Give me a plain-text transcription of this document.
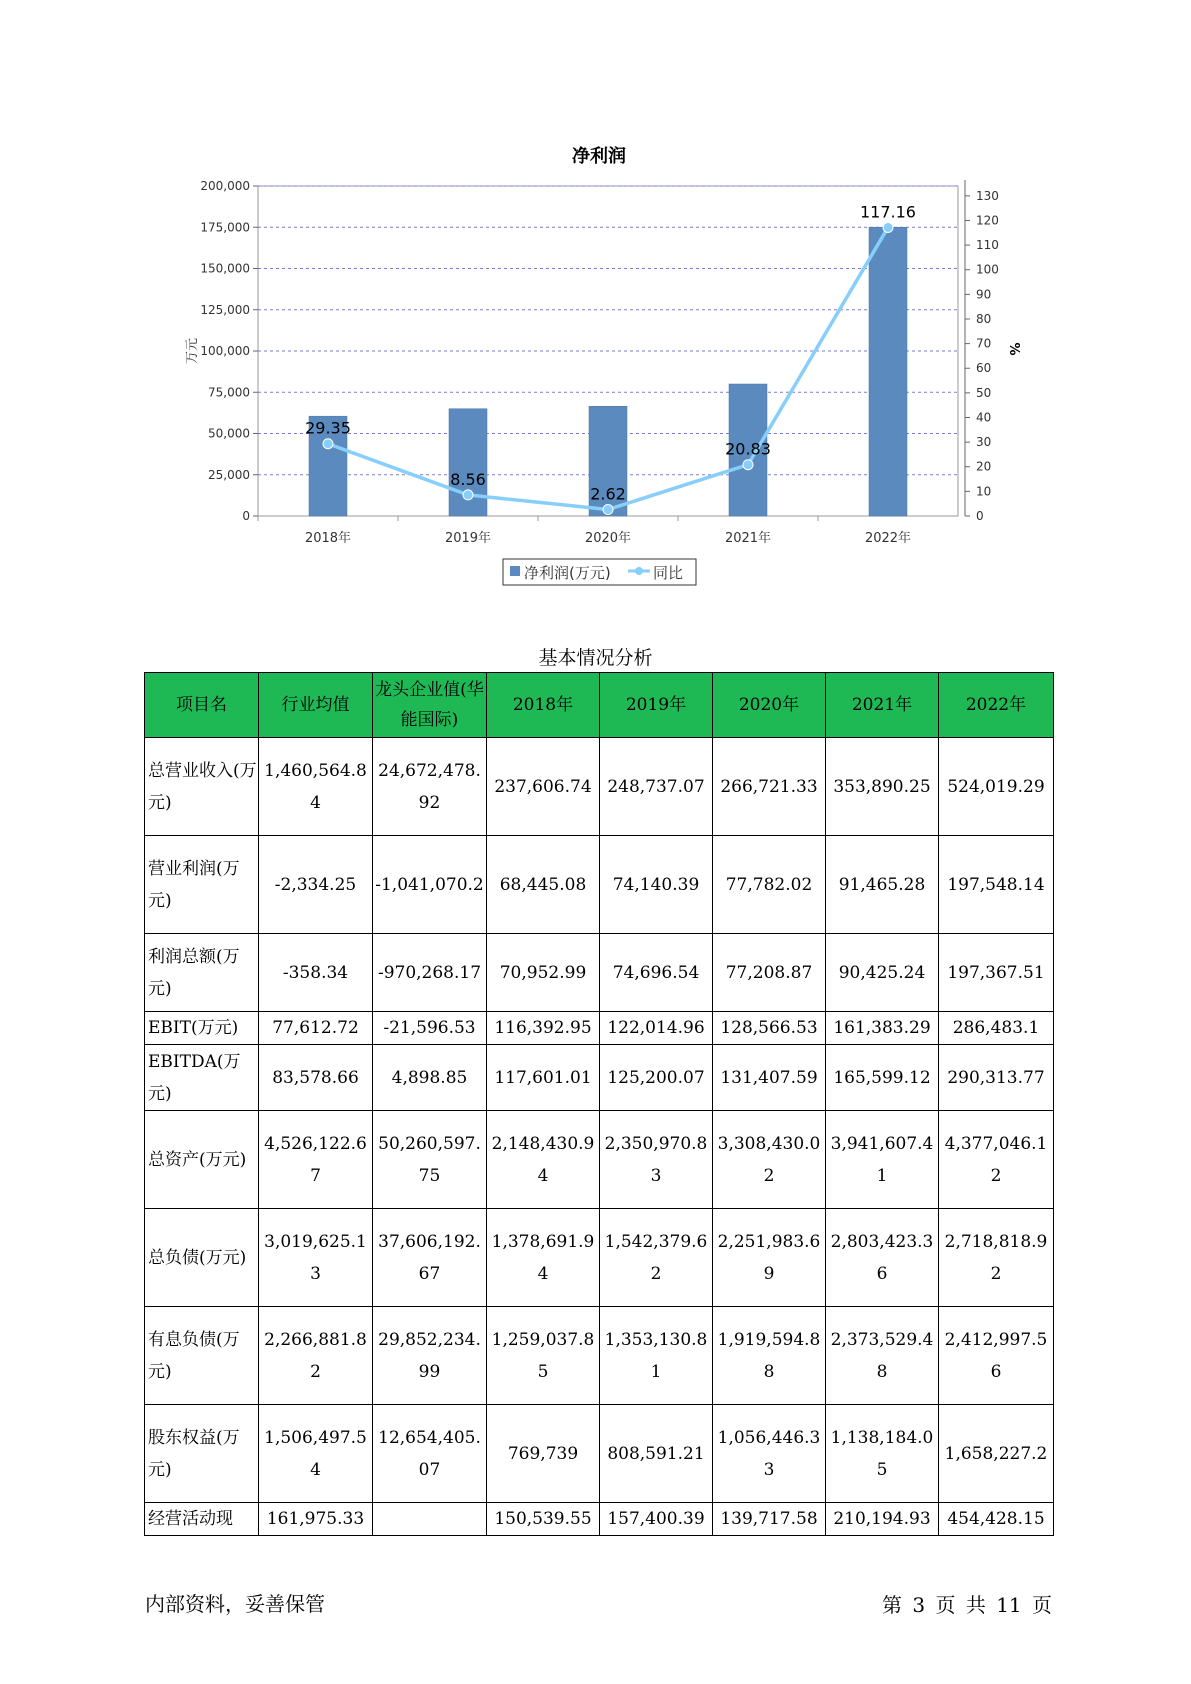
净利润
0
25,000
50,000
75,000
100,000
125,000
150,000
175,000
200,000
0
10
20
30
40
50
60
70
80
90
100
110
120
130
万元	%
2018年	2019年	2020年	2021年	2022年
29.35
8.56
2.62
20.83
117.16
净利润(万元)	同比
基本情况分析
项目名	行业均值	龙头企业值(华能国际)	2018年	2019年	2020年	2021年	2022年
总营业收入(万元)	1,460,564.84	24,672,478.92	237,606.74	248,737.07	266,721.33	353,890.25	524,019.29
营业利润(万元)	-2,334.25	-1,041,070.2	68,445.08	74,140.39	77,782.02	91,465.28	197,548.14
利润总额(万元)	-358.34	-970,268.17	70,952.99	74,696.54	77,208.87	90,425.24	197,367.51
EBIT(万元)	77,612.72	-21,596.53	116,392.95	122,014.96	128,566.53	161,383.29	286,483.1
EBITDA(万元)	83,578.66	4,898.85	117,601.01	125,200.07	131,407.59	165,599.12	290,313.77
总资产(万元)	4,526,122.67	50,260,597.75	2,148,430.94	2,350,970.83	3,308,430.02	3,941,607.41	4,377,046.12
总负债(万元)	3,019,625.13	37,606,192.67	1,378,691.94	1,542,379.62	2,251,983.69	2,803,423.36	2,718,818.92
有息负债(万元)	2,266,881.82	29,852,234.99	1,259,037.85	1,353,130.81	1,919,594.88	2,373,529.48	2,412,997.56
股东权益(万元)	1,506,497.54	12,654,405.07	769,739	808,591.21	1,056,446.33	1,138,184.05	1,658,227.2
经营活动现	161,975.33		150,539.55	157,400.39	139,717.58	210,194.93	454,428.15
内部资料，妥善保管	第 3 页 共 11 页
